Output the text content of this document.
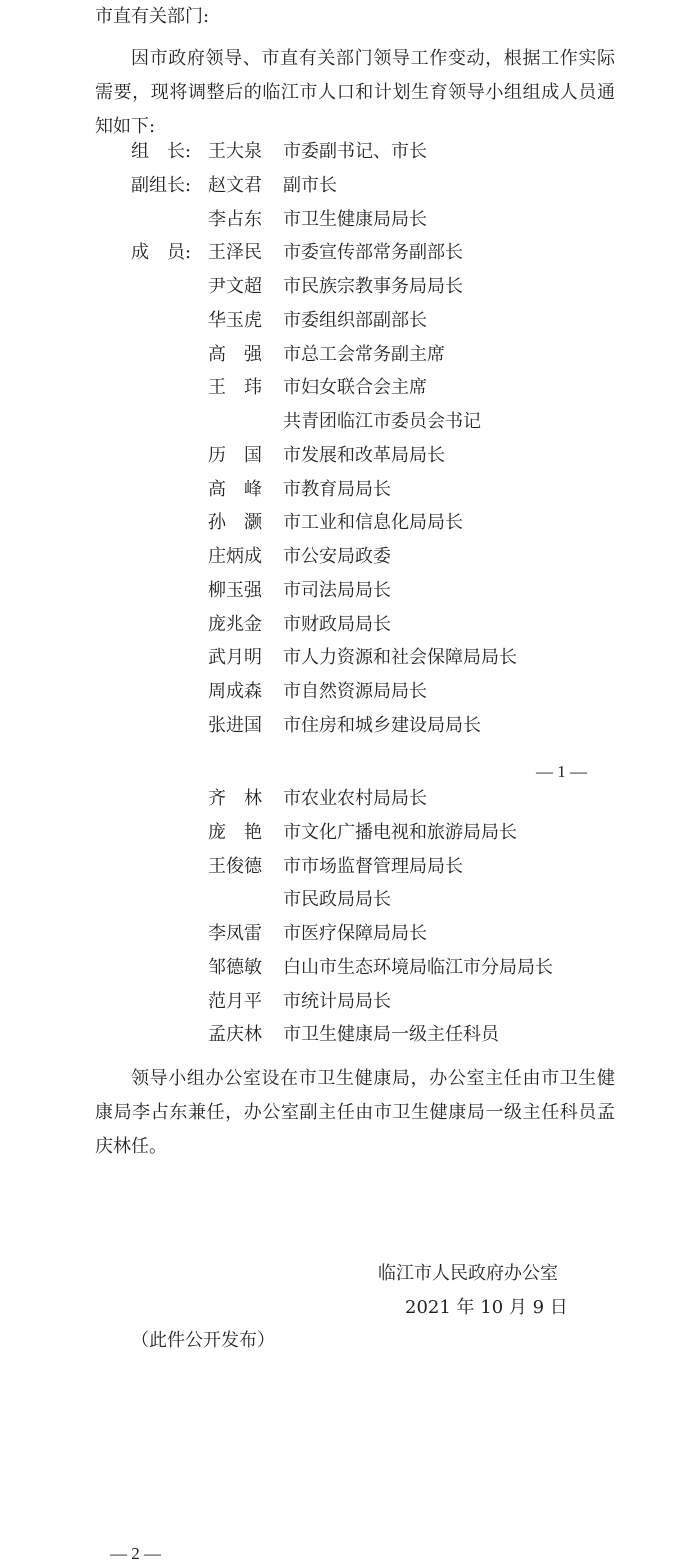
市直有关部门:
因市政府领导、市直有关部门领导工作变动，根据工作实际需要，现将调整后的临江市人口和计划生育领导小组组成人员通知如下:
组　长: 王大泉 市委副书记、市长
副组长: 赵文君 副市长
李占东 市卫生健康局局长
成　员: 王泽民 市委宣传部常务副部长
尹文超 市民族宗教事务局局长
华玉虎 市委组织部副部长
高　强 市总工会常务副主席
王　玮 市妇女联合会主席
共青团临江市委员会书记
历　国 市发展和改革局局长
高　峰 市教育局局长
孙　灏 市工业和信息化局局长
庄炳成 市公安局政委
柳玉强 市司法局局长
庞兆金 市财政局局长
武月明 市人力资源和社会保障局局长
周成森 市自然资源局局长
张进国 市住房和城乡建设局局长
齐　林 市农业农村局局长
庞　艳 市文化广播电视和旅游局局长
王俊德 市市场监督管理局局长
市民政局局长
李凤雷 市医疗保障局局长
邹德敏 白山市生态环境局临江市分局局长
范月平 市统计局局长
孟庆林 市卫生健康局一级主任科员
— 1 —
领导小组办公室设在市卫生健康局，办公室主任由市卫生健康局李占东兼任，办公室副主任由市卫生健康局一级主任科员孟庆林任。
临江市人民政府办公室
2021 年 10 月 9 日
（此件公开发布）
— 2 —
